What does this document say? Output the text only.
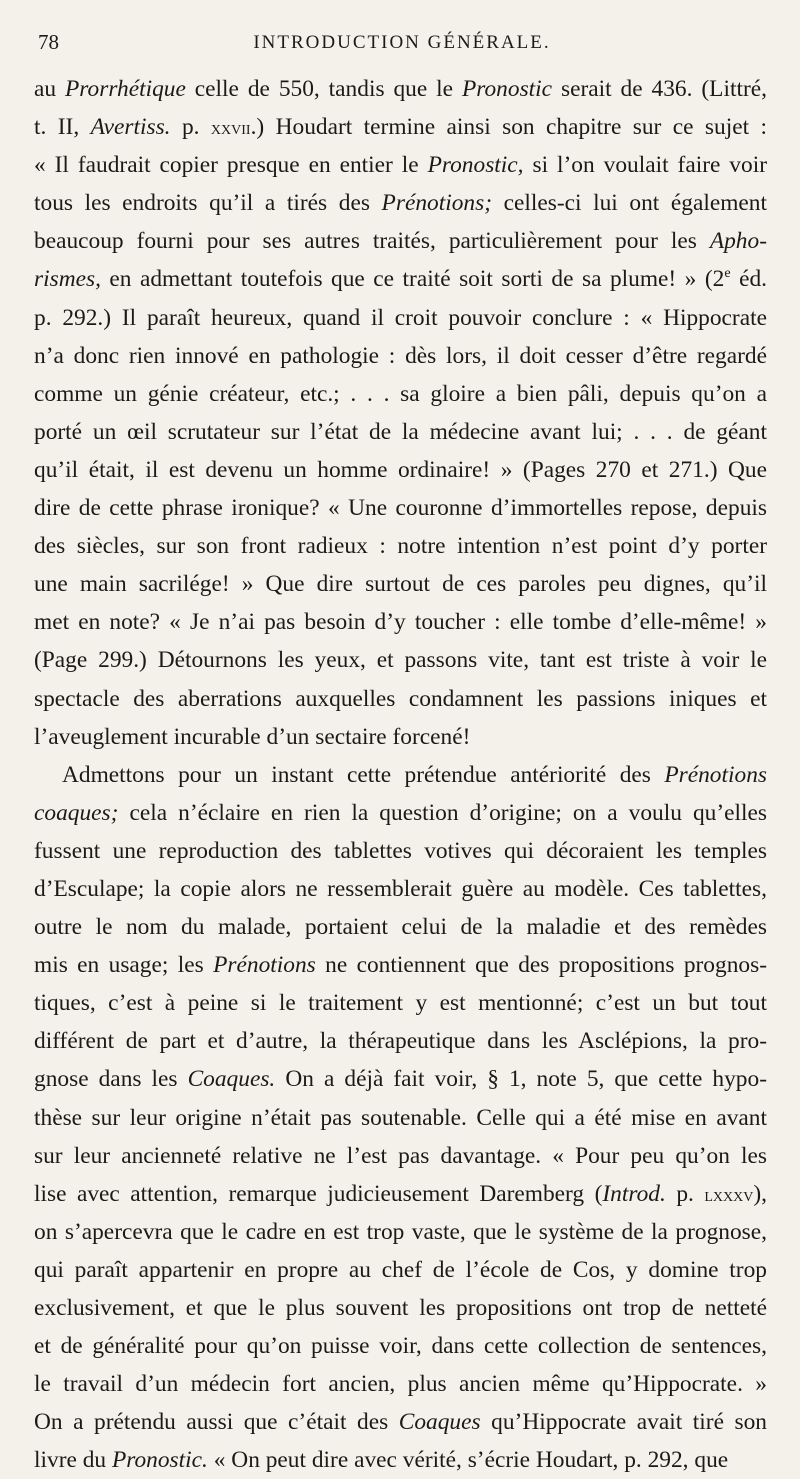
78	INTRODUCTION GÉNÉRALE.
au Prorrhétique celle de 550, tandis que le Pronostic serait de 436. (Littré,
t. II, Avertiss. p. xxvii.) Houdart termine ainsi son chapitre sur ce sujet :
« Il faudrait copier presque en entier le Pronostic, si l’on voulait faire voir
tous les endroits qu’il a tirés des Prénotions; celles-ci lui ont également
beaucoup fourni pour ses autres traités, particulièrement pour les Apho-
rismes, en admettant toutefois que ce traité soit sorti de sa plume! » (2e éd.
p. 292.) Il paraît heureux, quand il croit pouvoir conclure : « Hippocrate
n’a donc rien innové en pathologie : dès lors, il doit cesser d’être regardé
comme un génie créateur, etc.; . . . sa gloire a bien pâli, depuis qu’on a
porté un œil scrutateur sur l’état de la médecine avant lui; . . . de géant
qu’il était, il est devenu un homme ordinaire! » (Pages 270 et 271.) Que
dire de cette phrase ironique? « Une couronne d’immortelles repose, depuis
des siècles, sur son front radieux : notre intention n’est point d’y porter
une main sacrilége! » Que dire surtout de ces paroles peu dignes, qu’il
met en note? « Je n’ai pas besoin d’y toucher : elle tombe d’elle-même! »
(Page 299.) Détournons les yeux, et passons vite, tant est triste à voir le
spectacle des aberrations auxquelles condamnent les passions iniques et
l’aveuglement incurable d’un sectaire forcené!
Admettons pour un instant cette prétendue antériorité des Prénotions
coaques; cela n’éclaire en rien la question d’origine; on a voulu qu’elles
fussent une reproduction des tablettes votives qui décoraient les temples
d’Esculape; la copie alors ne ressemblerait guère au modèle. Ces tablettes,
outre le nom du malade, portaient celui de la maladie et des remèdes
mis en usage; les Prénotions ne contiennent que des propositions prognos-
tiques, c’est à peine si le traitement y est mentionné; c’est un but tout
différent de part et d’autre, la thérapeutique dans les Asclépions, la pro-
gnose dans les Coaques. On a déjà fait voir, § 1, note 5, que cette hypo-
thèse sur leur origine n’était pas soutenable. Celle qui a été mise en avant
sur leur ancienneté relative ne l’est pas davantage. « Pour peu qu’on les
lise avec attention, remarque judicieusement Daremberg (Introd. p. lxxxv),
on s’apercevra que le cadre en est trop vaste, que le système de la prognose,
qui paraît appartenir en propre au chef de l’école de Cos, y domine trop
exclusivement, et que le plus souvent les propositions ont trop de netteté
et de généralité pour qu’on puisse voir, dans cette collection de sentences,
le travail d’un médecin fort ancien, plus ancien même qu’Hippocrate. »
On a prétendu aussi que c’était des Coaques qu’Hippocrate avait tiré son
livre du Pronostic. « On peut dire avec vérité, s’écrie Houdart, p. 292, que
